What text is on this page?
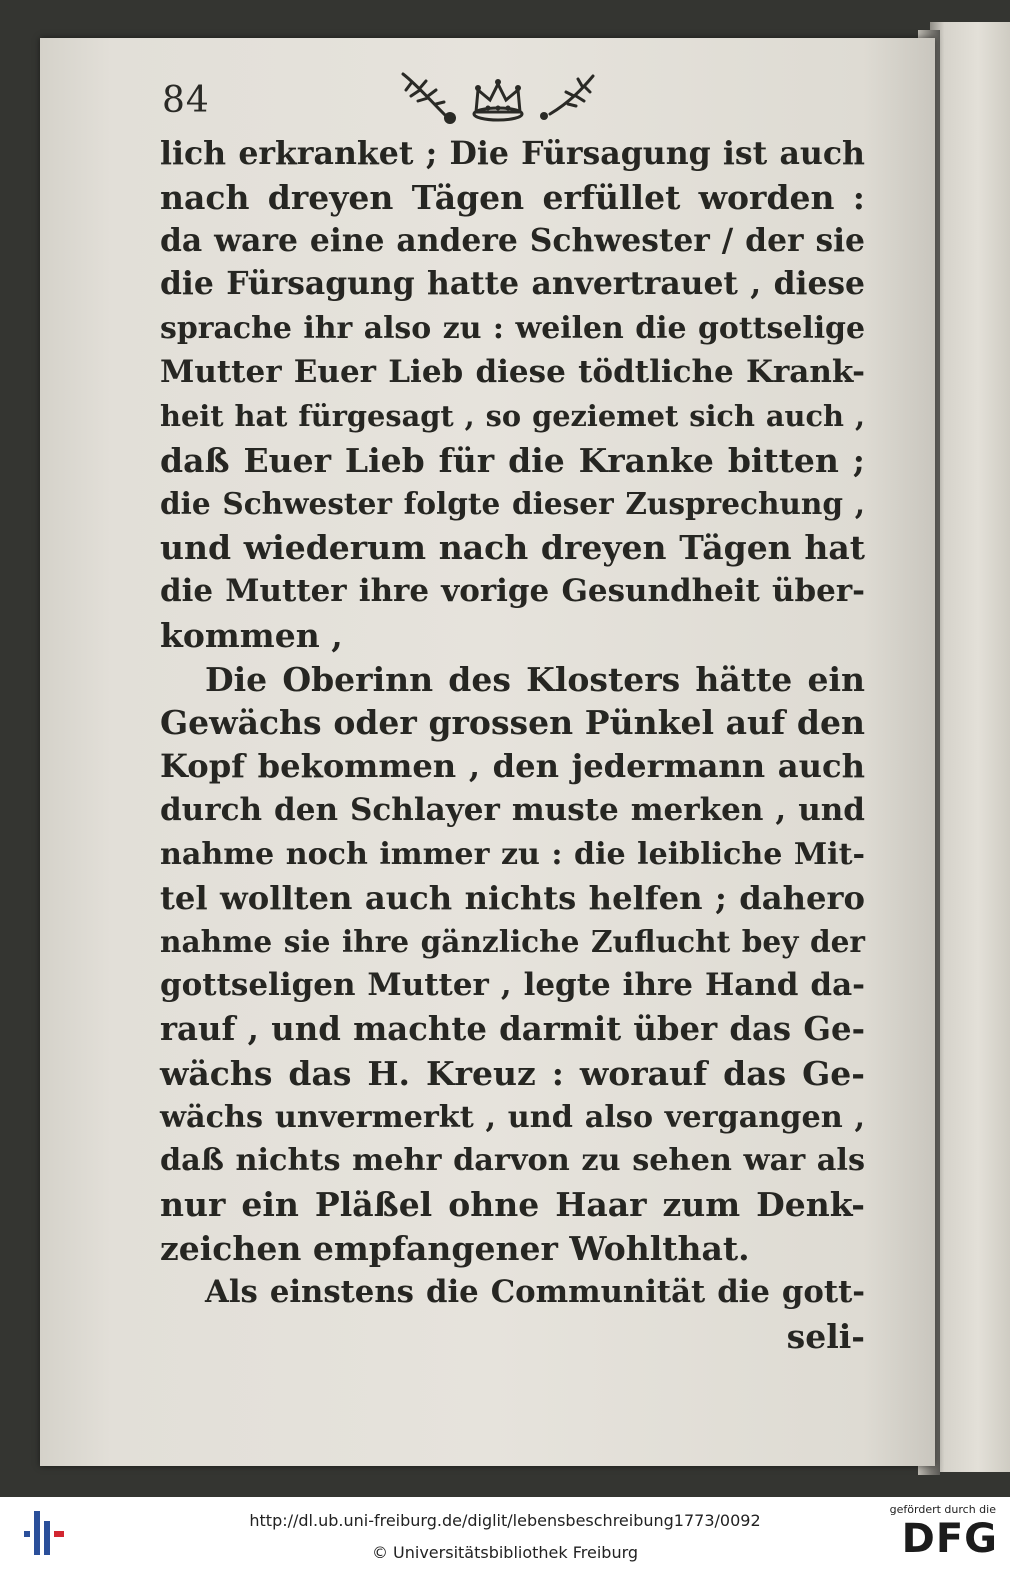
84
lich erkranket ; Die Fürsagung ist auch
nach dreyen Tägen erfüllet worden :
da ware eine andere Schwester / der sie
die Fürsagung hatte anvertrauet , diese
sprache ihr also zu : weilen die gottselige
Mutter Euer Lieb diese tödtliche Krank-
heit hat fürgesagt , so geziemet sich auch ,
daß Euer Lieb für die Kranke bitten ;
die Schwester folgte dieser Zusprechung ,
und wiederum nach dreyen Tägen hat
die Mutter ihre vorige Gesundheit über-
kommen ,
Die Oberinn des Klosters hätte ein
Gewächs oder grossen Pünkel auf den
Kopf bekommen , den jedermann auch
durch den Schlayer muste merken , und
nahme noch immer zu : die leibliche Mit-
tel wollten auch nichts helfen ; dahero
nahme sie ihre gänzliche Zuflucht bey der
gottseligen Mutter , legte ihre Hand da-
rauf , und machte darmit über das Ge-
wächs das H. Kreuz : worauf das Ge-
wächs unvermerkt , und also vergangen ,
daß nichts mehr darvon zu sehen war als
nur ein Pläßel ohne Haar zum Denk-
zeichen empfangener Wohlthat.
Als einstens die Communität die gott-
seli-
http://dl.ub.uni-freiburg.de/diglit/lebensbeschreibung1773/0092
© Universitätsbibliothek Freiburg
gefördert durch die
DFG
